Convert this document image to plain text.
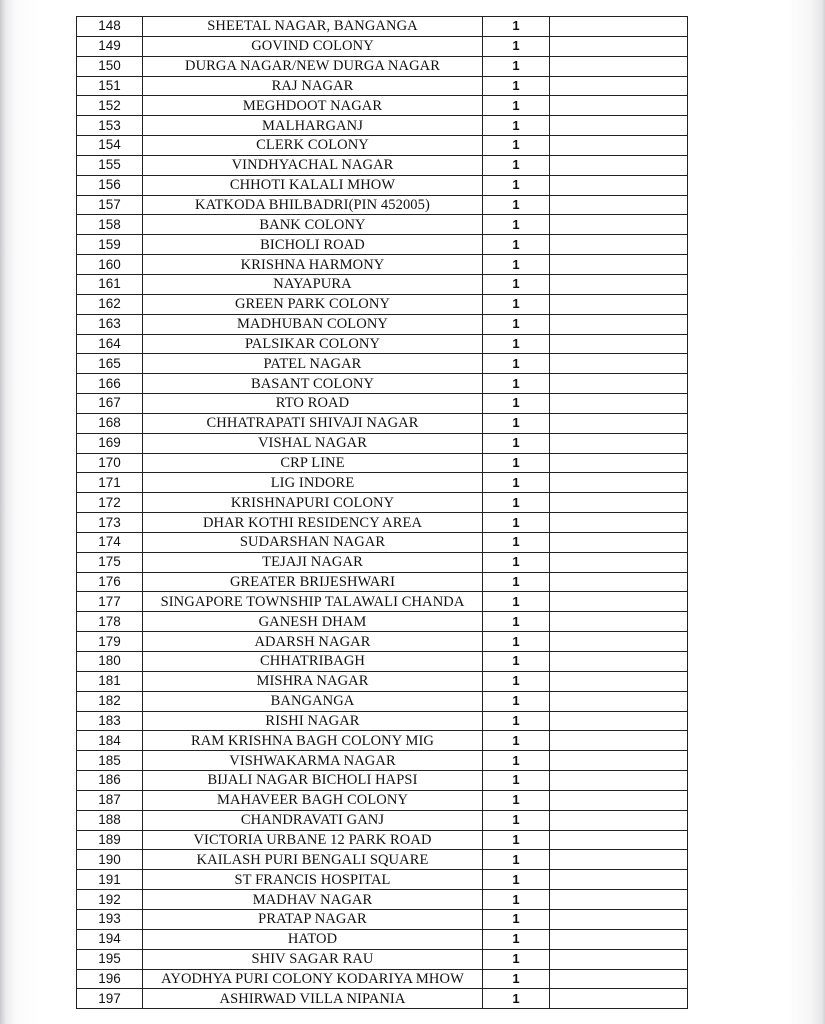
148	SHEETAL NAGAR, BANGANGA	1	
149	GOVIND COLONY	1	
150	DURGA NAGAR/NEW DURGA NAGAR	1	
151	RAJ NAGAR	1	
152	MEGHDOOT NAGAR	1	
153	MALHARGANJ	1	
154	CLERK COLONY	1	
155	VINDHYACHAL NAGAR	1	
156	CHHOTI KALALI MHOW	1	
157	KATKODA BHILBADRI(PIN 452005)	1	
158	BANK COLONY	1	
159	BICHOLI ROAD	1	
160	KRISHNA HARMONY	1	
161	NAYAPURA	1	
162	GREEN PARK COLONY	1	
163	MADHUBAN COLONY	1	
164	PALSIKAR COLONY	1	
165	PATEL NAGAR	1	
166	BASANT COLONY	1	
167	RTO ROAD	1	
168	CHHATRAPATI SHIVAJI NAGAR	1	
169	VISHAL NAGAR	1	
170	CRP LINE	1	
171	LIG INDORE	1	
172	KRISHNAPURI COLONY	1	
173	DHAR KOTHI RESIDENCY AREA	1	
174	SUDARSHAN NAGAR	1	
175	TEJAJI NAGAR	1	
176	GREATER BRIJESHWARI	1	
177	SINGAPORE TOWNSHIP TALAWALI CHANDA	1	
178	GANESH DHAM	1	
179	ADARSH NAGAR	1	
180	CHHATRIBAGH	1	
181	MISHRA NAGAR	1	
182	BANGANGA	1	
183	RISHI NAGAR	1	
184	RAM KRISHNA BAGH COLONY MIG	1	
185	VISHWAKARMA NAGAR	1	
186	BIJALI NAGAR BICHOLI HAPSI	1	
187	MAHAVEER BAGH COLONY	1	
188	CHANDRAVATI GANJ	1	
189	VICTORIA URBANE 12 PARK ROAD	1	
190	KAILASH PURI BENGALI SQUARE	1	
191	ST FRANCIS HOSPITAL	1	
192	MADHAV NAGAR	1	
193	PRATAP NAGAR	1	
194	HATOD	1	
195	SHIV SAGAR RAU	1	
196	AYODHYA PURI COLONY KODARIYA MHOW	1	
197	ASHIRWAD VILLA NIPANIA	1	
